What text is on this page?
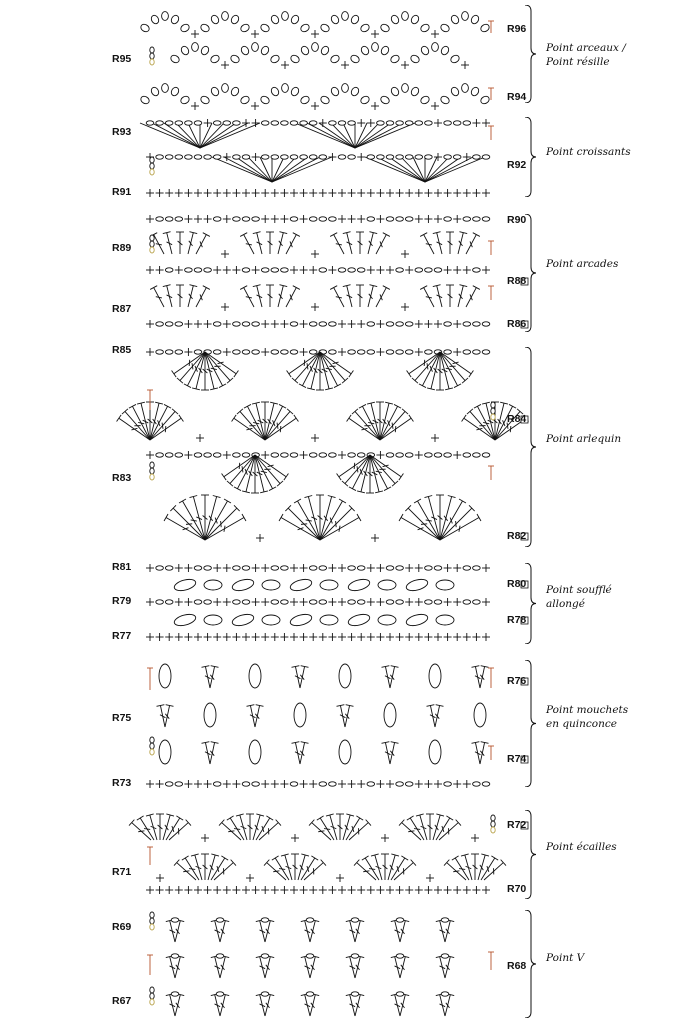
R95
R96
R94
Point arceaux /
Point résille
R93
R91
R92
Point croissants
R89
R87
R90
R88
R86
Point arcades
R85
R83
R84
R82
Point arlequin
R81
R79
R77
R80
R78
Point soufflé
allongé
R75
R73
R76
R74
Point mouchets
en quinconce
R71
R72
R70
Point écailles
R69
R67
R68
Point V
